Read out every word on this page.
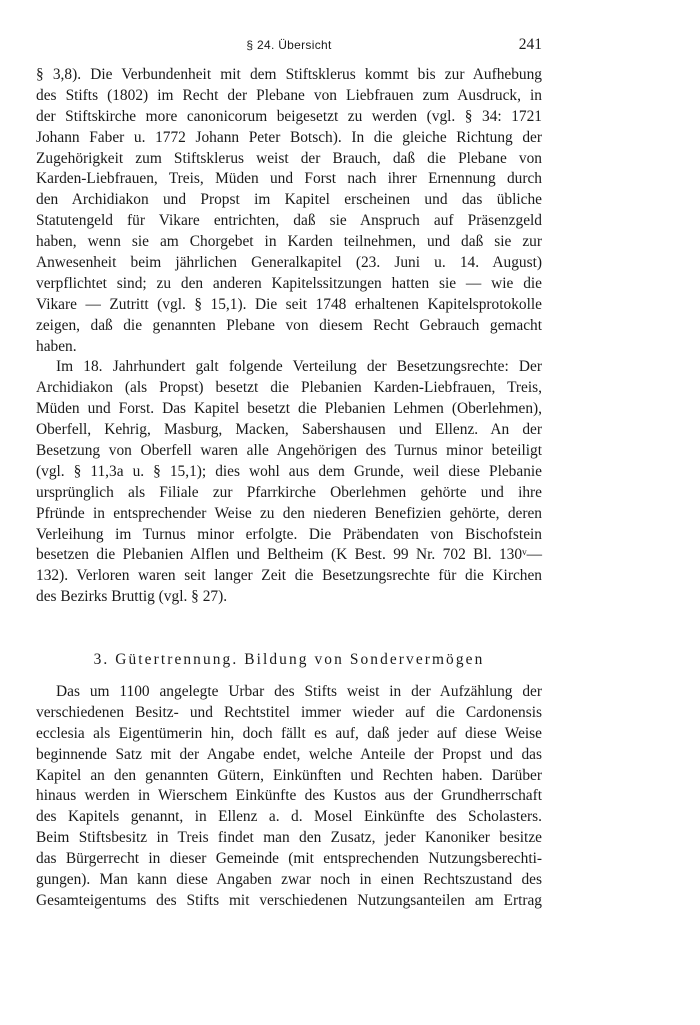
§ 24. Übersicht	241
§ 3,8). Die Verbundenheit mit dem Stiftsklerus kommt bis zur Aufhebung
des Stifts (1802) im Recht der Plebane von Liebfrauen zum Ausdruck, in
der Stiftskirche more canonicorum beigesetzt zu werden (vgl. § 34: 1721
Johann Faber u. 1772 Johann Peter Botsch). In die gleiche Richtung der
Zugehörigkeit zum Stiftsklerus weist der Brauch, daß die Plebane von
Karden-Liebfrauen, Treis, Müden und Forst nach ihrer Ernennung durch
den Archidiakon und Propst im Kapitel erscheinen und das übliche
Statutengeld für Vikare entrichten, daß sie Anspruch auf Präsenzgeld
haben, wenn sie am Chorgebet in Karden teilnehmen, und daß sie zur
Anwesenheit beim jährlichen Generalkapitel (23. Juni u. 14. August)
verpflichtet sind; zu den anderen Kapitelssitzungen hatten sie — wie die
Vikare — Zutritt (vgl. § 15,1). Die seit 1748 erhaltenen Kapitelsprotokolle
zeigen, daß die genannten Plebane von diesem Recht Gebrauch gemacht
haben.
Im 18. Jahrhundert galt folgende Verteilung der Besetzungsrechte: Der
Archidiakon (als Propst) besetzt die Plebanien Karden-Liebfrauen, Treis,
Müden und Forst. Das Kapitel besetzt die Plebanien Lehmen (Oberlehmen),
Oberfell, Kehrig, Masburg, Macken, Sabershausen und Ellenz. An der
Besetzung von Oberfell waren alle Angehörigen des Turnus minor beteiligt
(vgl. § 11,3a u. § 15,1); dies wohl aus dem Grunde, weil diese Plebanie
ursprünglich als Filiale zur Pfarrkirche Oberlehmen gehörte und ihre
Pfründe in entsprechender Weise zu den niederen Benefizien gehörte, deren
Verleihung im Turnus minor erfolgte. Die Präbendaten von Bischofstein
besetzen die Plebanien Alflen und Beltheim (K Best. 99 Nr. 702 Bl. 130ᵛ—
132). Verloren waren seit langer Zeit die Besetzungsrechte für die Kirchen
des Bezirks Bruttig (vgl. § 27).
3. Gütertrennung. Bildung von Sondervermögen
Das um 1100 angelegte Urbar des Stifts weist in der Aufzählung der
verschiedenen Besitz- und Rechtstitel immer wieder auf die Cardonensis
ecclesia als Eigentümerin hin, doch fällt es auf, daß jeder auf diese Weise
beginnende Satz mit der Angabe endet, welche Anteile der Propst und das
Kapitel an den genannten Gütern, Einkünften und Rechten haben. Darüber
hinaus werden in Wierschem Einkünfte des Kustos aus der Grundherrschaft
des Kapitels genannt, in Ellenz a. d. Mosel Einkünfte des Scholasters.
Beim Stiftsbesitz in Treis findet man den Zusatz, jeder Kanoniker besitze
das Bürgerrecht in dieser Gemeinde (mit entsprechenden Nutzungsberechti-
gungen). Man kann diese Angaben zwar noch in einen Rechtszustand des
Gesamteigentums des Stifts mit verschiedenen Nutzungsanteilen am Ertrag
